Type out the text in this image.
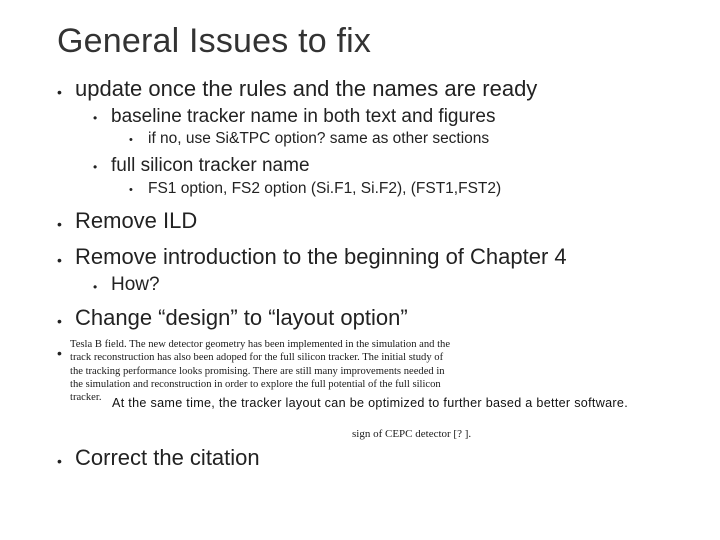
General Issues to fix
• update once the rules and the names are ready
• baseline tracker name in both text and figures
• if no, use Si&TPC option? same as other sections
• full silicon tracker name
• FS1 option, FS2 option (Si.F1, Si.F2), (FST1,FST2)
• Remove ILD
• Remove introduction to the beginning of Chapter 4
• How?
• Change “design” to “layout option”
•
Tesla B field. The new detector geometry has been implemented in the simulation and the
track reconstruction has also been adoped for the full silicon tracker. The initial study of
the tracking performance looks promising. There are still many improvements needed in
the simulation and reconstruction in order to explore the full potential of the full silicon
tracker. At the same time, the tracker layout can be optimized to further based a better software.
sign of CEPC detector [? ].
• Correct the citation
